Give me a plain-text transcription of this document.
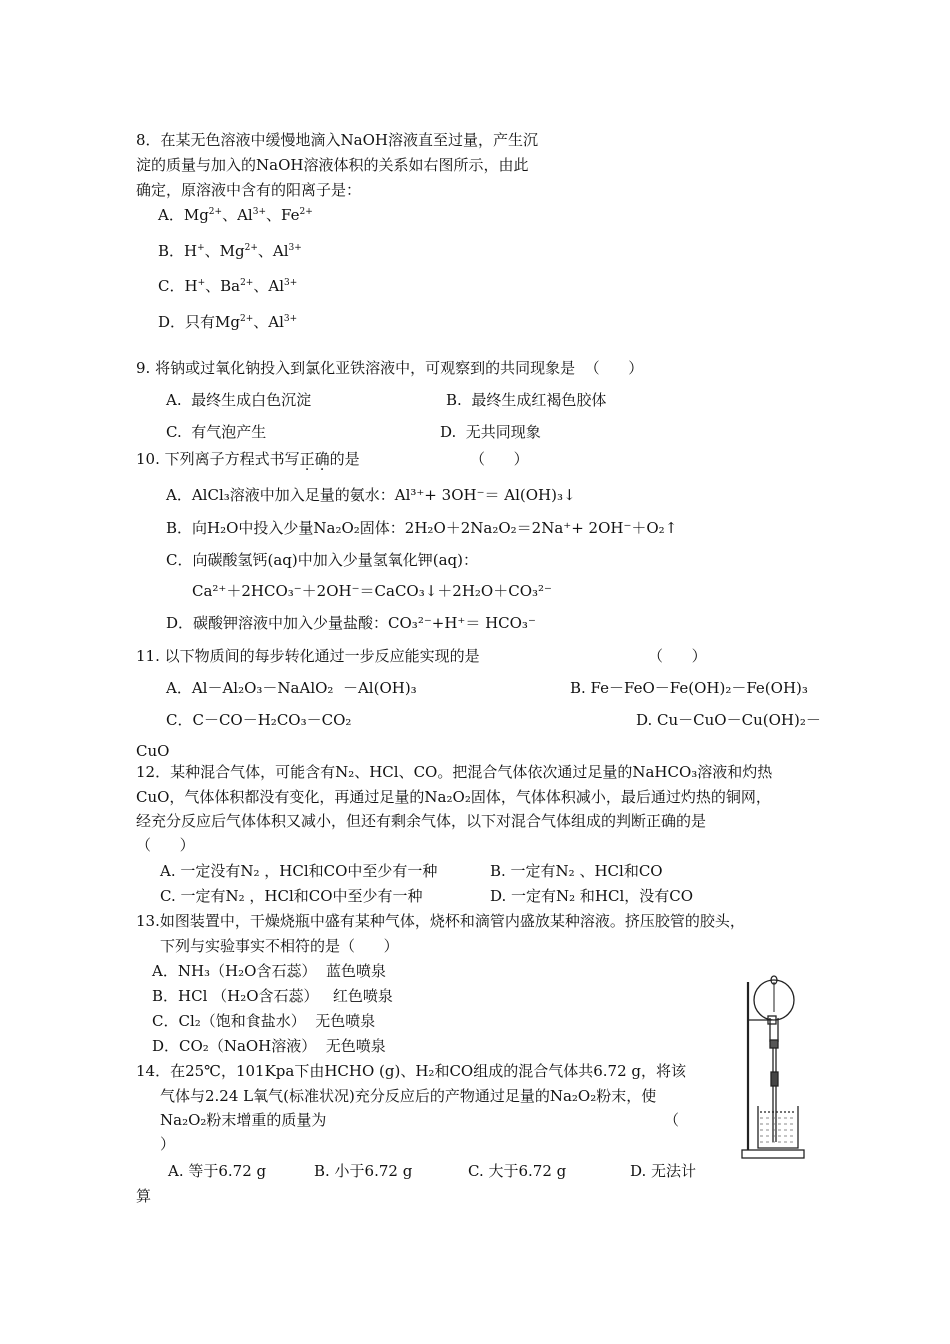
8．在某无色溶液中缓慢地滴入NaOH溶液直至过量，产生沉
淀的质量与加入的NaOH溶液体积的关系如右图所示，由此
确定，原溶液中含有的阳离子是：
A．$Mg^{2+}$、$Al^{3+}$、$Fe^{2+}$
B．H+、$Mg^{2+}$、$Al^{3+}$
C．H+、$Ba^{2+}$、$Al^{3+}$
D．只有$Mg^{2+}$、$Al^{3+}$
9. 将钠或过氧化钠投入到氯化亚铁溶液中，可观察到的共同现象是  （      ）
A.  最终生成白色沉淀	B.  最终生成红褐色胶体
C.  有气泡产生	D.  无共同现象
10. 下列离子方程式书写正确的是	（      ）
A．AlCl₃溶液中加入足量的氨水：Al³⁺+ 3OH⁻＝ Al(OH)₃↓
B．向H₂O中投入少量Na₂O₂固体：2H₂O＋2Na₂O₂＝2Na⁺+ 2OH⁻＋O₂↑
C．向碳酸氢钙(aq)中加入少量氢氧化钾(aq)：
Ca²⁺＋2HCO₃⁻＋2OH⁻＝CaCO₃↓＋2H₂O＋CO₃²⁻
D．碳酸钾溶液中加入少量盐酸：CO₃²⁻+H⁺＝ HCO₃⁻
11. 以下物质间的每步转化通过一步反应能实现的是	（      ）
A．Al－Al₂O₃－NaAlO₂  －Al(OH)₃	B. Fe－FeO－Fe(OH)₂－Fe(OH)₃
C．C－CO－H₂CO₃－CO₂	D. Cu－CuO－Cu(OH)₂－
CuO
12．某种混合气体，可能含有N₂、HCl、CO。把混合气体依次通过足量的NaHCO₃溶液和灼热
CuO，气体体积都没有变化，再通过足量的Na₂O₂固体，气体体积减小，最后通过灼热的铜网，
经充分反应后气体体积又减小，但还有剩余气体，以下对混合气体组成的判断正确的是
（      ）
A. 一定没有N₂ ，HCl和CO中至少有一种	B. 一定有N₂ 、HCl和CO
C. 一定有N₂ ，HCl和CO中至少有一种	D. 一定有N₂ 和HCl，没有CO
13.如图装置中，干燥烧瓶中盛有某种气体，烧杯和滴管内盛放某种溶液。挤压胶管的胶头，
下列与实验事实不相符的是（      ）
A．NH₃（H₂O含石蕊）  蓝色喷泉
B．HCl （H₂O含石蕊）   红色喷泉
C．Cl₂（饱和食盐水）  无色喷泉
D．CO₂（NaOH溶液）  无色喷泉
14．在25℃，101Kpa下由HCHO (g)、H₂和CO组成的混合气体共6.72 g，将该
气体与2.24 L氧气(标准状况)充分反应后的产物通过足量的Na₂O₂粉末，使
Na₂O₂粉末增重的质量为	（
）
A. 等于6.72 g	B. 小于6.72 g	C. 大于6.72 g	D. 无法计
算
